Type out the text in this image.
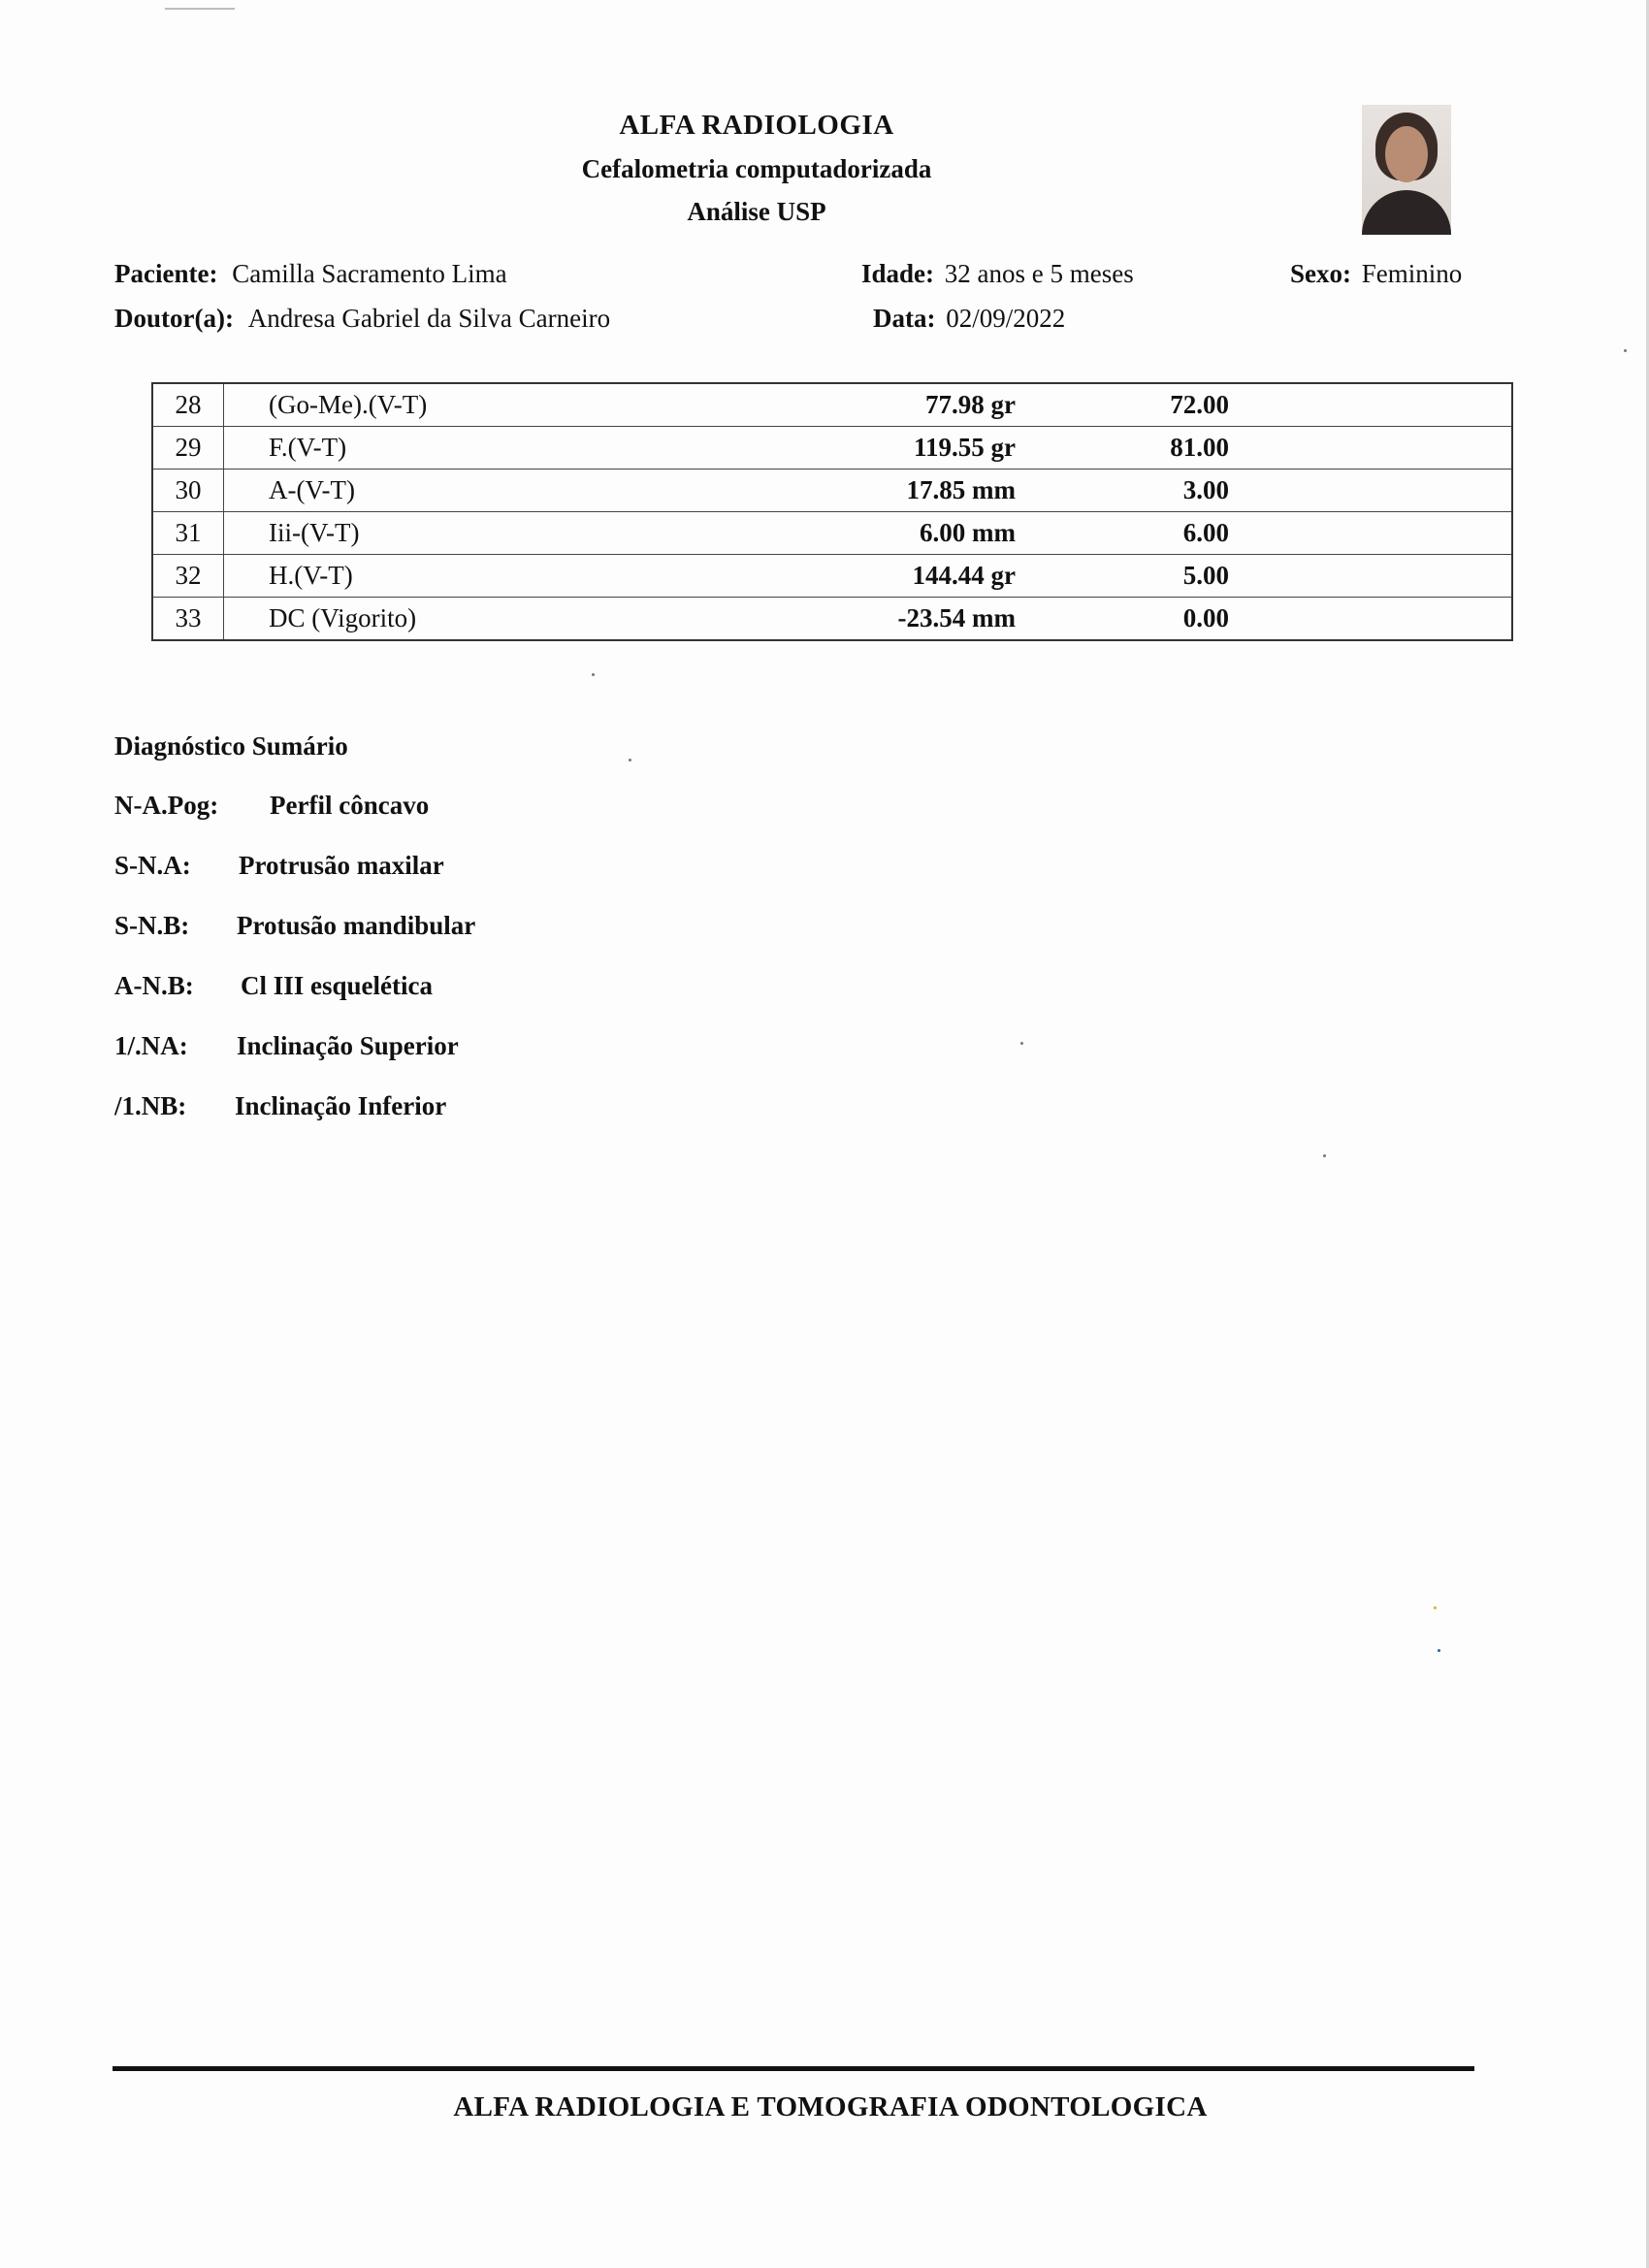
ALFA RADIOLOGIA
Cefalometria computadorizada
Análise USP
Paciente: Camilla Sacramento Lima	Idade: 32 anos e 5 meses	Sexo: Feminino
Doutor(a): Andresa Gabriel da Silva Carneiro	Data: 02/09/2022
28	(Go-Me).(V-T)	77.98 gr	72.00	
29	F.(V-T)	119.55 gr	81.00	
30	A-(V-T)	17.85 mm	3.00	
31	Iii-(V-T)	6.00 mm	6.00	
32	H.(V-T)	144.44 gr	5.00	
33	DC (Vigorito)	-23.54 mm	0.00	
Diagnóstico Sumário
N-A.Pog: Perfil côncavo
S-N.A: Protrusão maxilar
S-N.B: Protusão mandibular
A-N.B: Cl III esquelética
1/.NA: Inclinação Superior
/1.NB: Inclinação Inferior
ALFA RADIOLOGIA E TOMOGRAFIA ODONTOLOGICA
